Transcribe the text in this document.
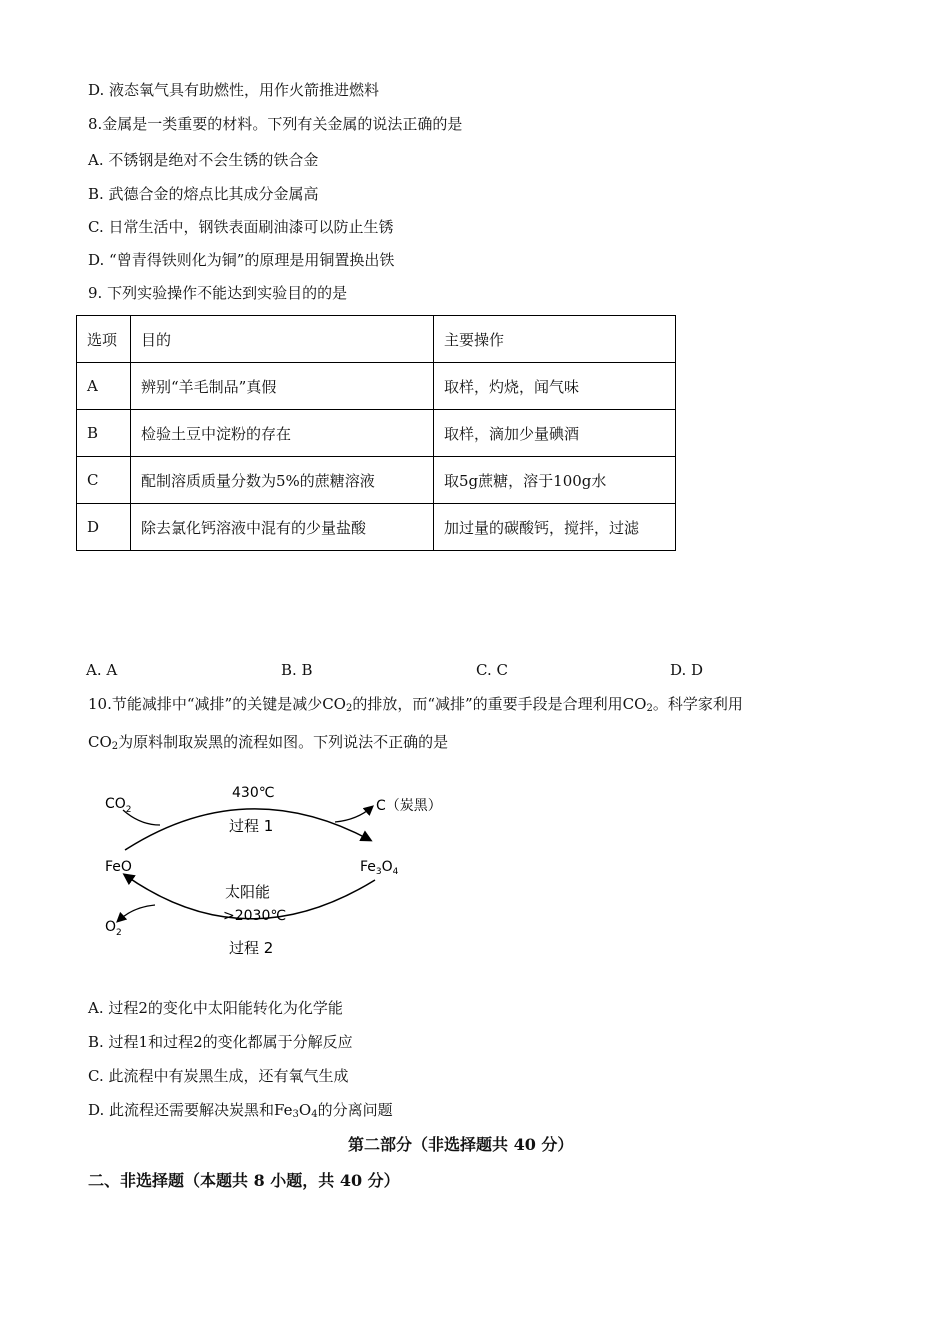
D. 液态氧气具有助燃性，用作火箭推进燃料
8.金属是一类重要的材料。下列有关金属的说法正确的是
A. 不锈钢是绝对不会生锈的铁合金
B. 武德合金的熔点比其成分金属高
C. 日常生活中，钢铁表面刷油漆可以防止生锈
D. “曾青得铁则化为铜”的原理是用铜置换出铁
9. 下列实验操作不能达到实验目的的是
选项	目的	主要操作
A	辨别“羊毛制品”真假	取样，灼烧，闻气味
B	检验土豆中淀粉的存在	取样，滴加少量碘酒
C	配制溶质质量分数为5%的蔗糖溶液	取5g蔗糖，溶于100g水
D	除去氯化钙溶液中混有的少量盐酸	加过量的碳酸钙，搅拌，过滤
A. A	B. B	C. C	D. D
10.节能减排中“减排”的关键是减少$CO_2$的排放，而“减排”的重要手段是合理利用$CO_2$。科学家利用
$CO_2$为原料制取炭黑的流程如图。下列说法不正确的是
$CO_2$
430℃
过程 1
C（炭黑）
FeO	$Fe_3O_4$
太阳能
>2030℃
$O_2$
过程 2
A. 过程2的变化中太阳能转化为化学能
B. 过程1和过程2的变化都属于分解反应
C. 此流程中有炭黑生成，还有氧气生成
D. 此流程还需要解决炭黑和$Fe_3O_4$的分离问题
第二部分（非选择题共 40 分）
二、非选择题（本题共 8 小题，共 40 分）
